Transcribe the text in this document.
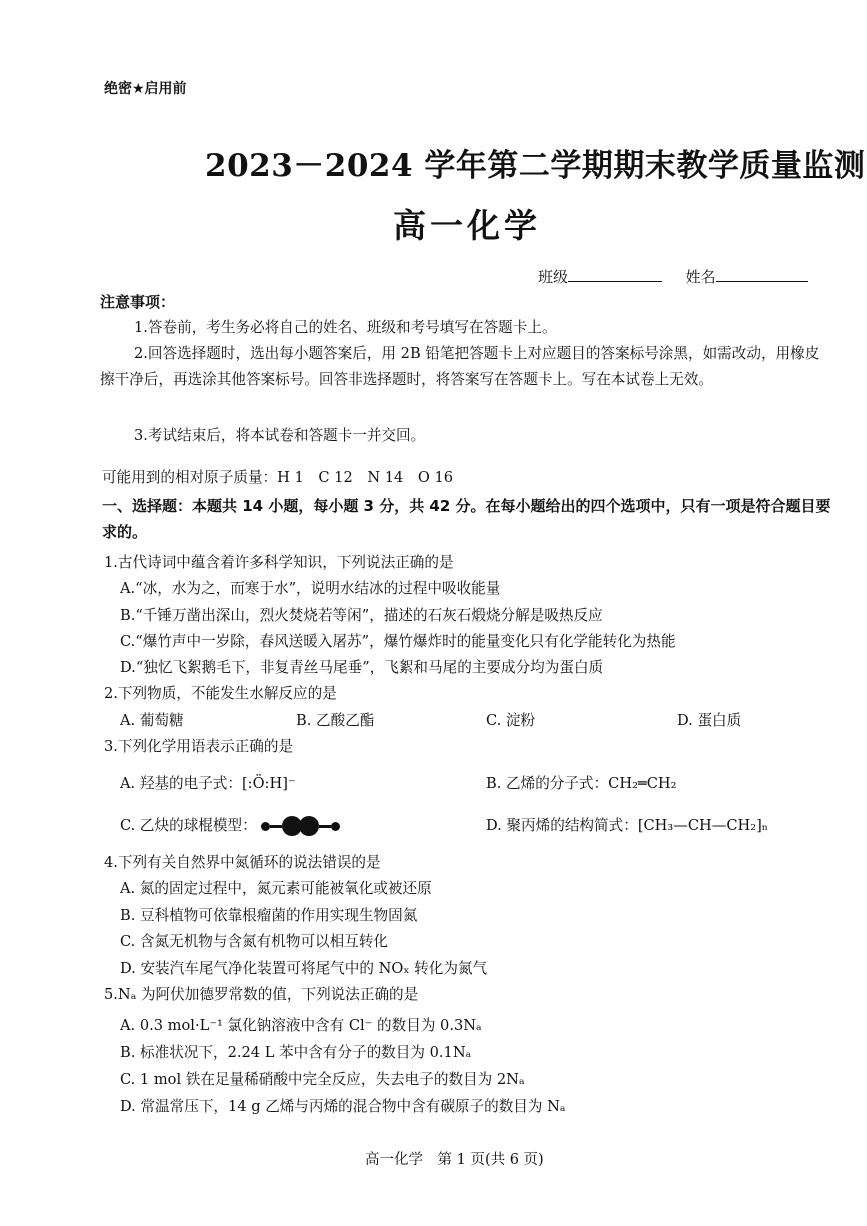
绝密★启用前
2023－2024 学年第二学期期末教学质量监测
高一化学
班级	姓名
注意事项：
1.答卷前，考生务必将自己的姓名、班级和考号填写在答题卡上。
2.回答选择题时，选出每小题答案后，用 2B 铅笔把答题卡上对应题目的答案标号涂黑，如需改动，用橡皮擦干净后，再选涂其他答案标号。回答非选择题时，将答案写在答题卡上。写在本试卷上无效。
3.考试结束后，将本试卷和答题卡一并交回。
可能用到的相对原子质量：H 1　C 12　N 14　O 16
一、选择题：本题共 14 小题，每小题 3 分，共 42 分。在每小题给出的四个选项中，只有一项是符合题目要求的。
1.古代诗词中蕴含着许多科学知识，下列说法正确的是
A.“冰，水为之，而寒于水”，说明水结冰的过程中吸收能量
B.“千锤万凿出深山，烈火焚烧若等闲”，描述的石灰石煅烧分解是吸热反应
C.“爆竹声中一岁除，春风送暖入屠苏”，爆竹爆炸时的能量变化只有化学能转化为热能
D.“独忆飞絮鹅毛下，非复青丝马尾垂”，飞絮和马尾的主要成分均为蛋白质
2.下列物质，不能发生水解反应的是
A. 葡萄糖	B. 乙酸乙酯	C. 淀粉	D. 蛋白质
3.下列化学用语表示正确的是
A. 羟基的电子式：[:Ö:H]⁻	B. 乙烯的分子式：CH₂═CH₂
C. 乙炔的球棍模型：	D. 聚丙烯的结构简式：[CH₃—CH—CH₂]ₙ
4.下列有关自然界中氮循环的说法错误的是
A. 氮的固定过程中，氮元素可能被氧化或被还原
B. 豆科植物可依靠根瘤菌的作用实现生物固氮
C. 含氮无机物与含氮有机物可以相互转化
D. 安装汽车尾气净化装置可将尾气中的 NOₓ 转化为氮气
5.Nₐ 为阿伏加德罗常数的值，下列说法正确的是
A. 0.3 mol·L⁻¹ 氯化钠溶液中含有 Cl⁻ 的数目为 0.3Nₐ
B. 标准状况下，2.24 L 苯中含有分子的数目为 0.1Nₐ
C. 1 mol 铁在足量稀硝酸中完全反应，失去电子的数目为 2Nₐ
D. 常温常压下，14 g 乙烯与丙烯的混合物中含有碳原子的数目为 Nₐ
高一化学　第 1 页(共 6 页)
